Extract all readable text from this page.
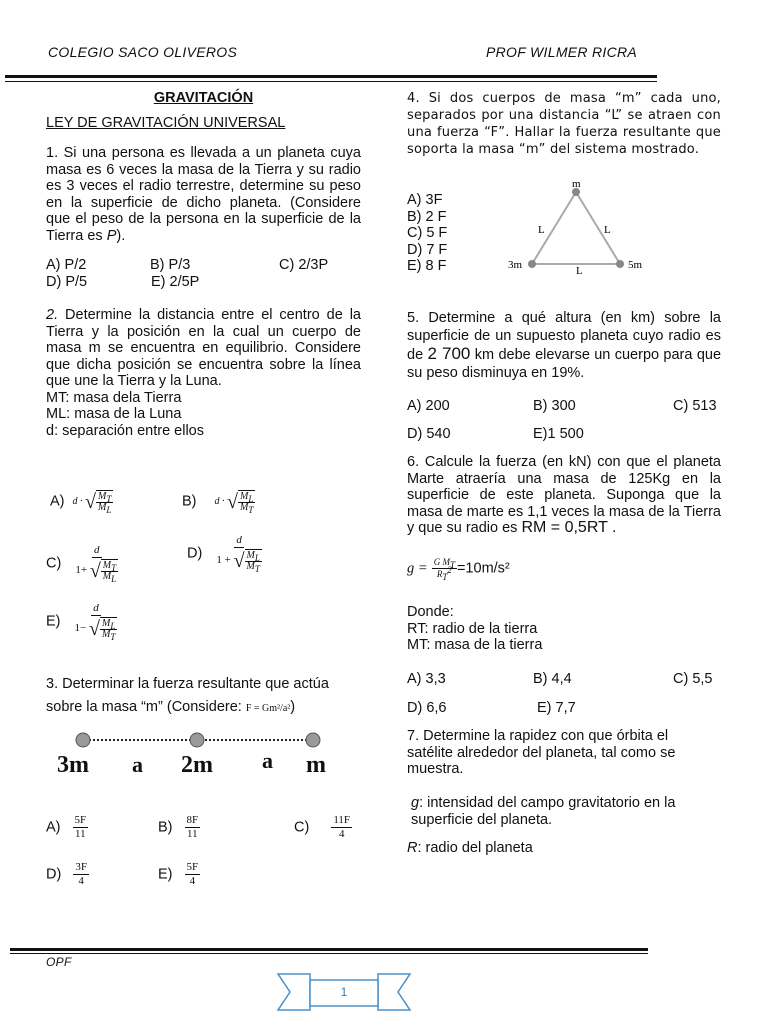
COLEGIO SACO OLIVEROS	PROF WILMER RICRA

GRAVITACIÓN

LEY DE GRAVITACIÓN UNIVERSAL

1. Si una persona es llevada a un planeta cuya masa es 6 veces la masa de la Tierra y su radio es 3 veces el radio terrestre, determine su peso en la superficie de dicho planeta. (Considere que el peso de la persona en la superficie de la Tierra es P).

A) P/2	B) P/3	C) 2/3P
D) P/5	E) 2/5P

2. Determine la distancia entre el centro de la Tierra y la posición en la cual un cuerpo de masa m se encuentra en equilibrio. Considere que dicha posición se encuentra sobre la línea que une la Tierra y la Luna.

MT: masa dela Tierra

ML: masa de la Luna

d: separación entre ellos

A) d · √ $M_T$
$M_L$
B) d · √ $M_L$
$M_T$
C) d
1+ √ $M_T$
$M_L$	D) d
1 + √ $M_L$
$M_T$
E) d
1− √ $M_L$
$M_T$

3. Determinar la fuerza resultante que actúa

sobre la masa “m” (Considere: F = Gm²/a²)

3m a 2m a m
$A) \frac{5F}{11}$	$B) \frac{8F}{11}$	$C) \frac{11F}{4}$
$D) \frac{3F}{4}$	$E) \frac{5F}{4}$
4. Si dos cuerpos de masa “m” cada uno, separados por una distancia “L” se atraen con una fuerza “F”. Hallar la fuerza resultante que soporta la masa “m” del sistema mostrado.

A) 3F

B) 2 F

C) 5 F

D) 7 F

E) 8 F

m
L	L
L
3m	5m
5. Determine a qué altura (en km) sobre la superficie de un supuesto planeta cuyo radio es de 2 700 km debe elevarse un cuerpo para que su peso disminuya en 19%.
A) 200	B) 300	C) 513
D) 540	E)1 500
6. Calcule la fuerza (en kN) con que el planeta Marte atraería una masa de 125Kg en la superficie de este planeta. Suponga que la masa de marte es 1,1 veces la masa de la Tierra y que su radio es RM = 0,5RT .
$g = \frac{G M_T}{R_T^2} =10m/s^2$

Donde:

RT: radio de la tierra

MT: masa de la tierra

A) 3,3	B) 4,4	C) 5,5
D) 6,6	E) 7,7
7. Determine la rapidez con que órbita el satélite alrededor del planeta, tal como se muestra.

g: intensidad del campo gravitatorio en la superficie del planeta.

R: radio del planeta

OPF
1
